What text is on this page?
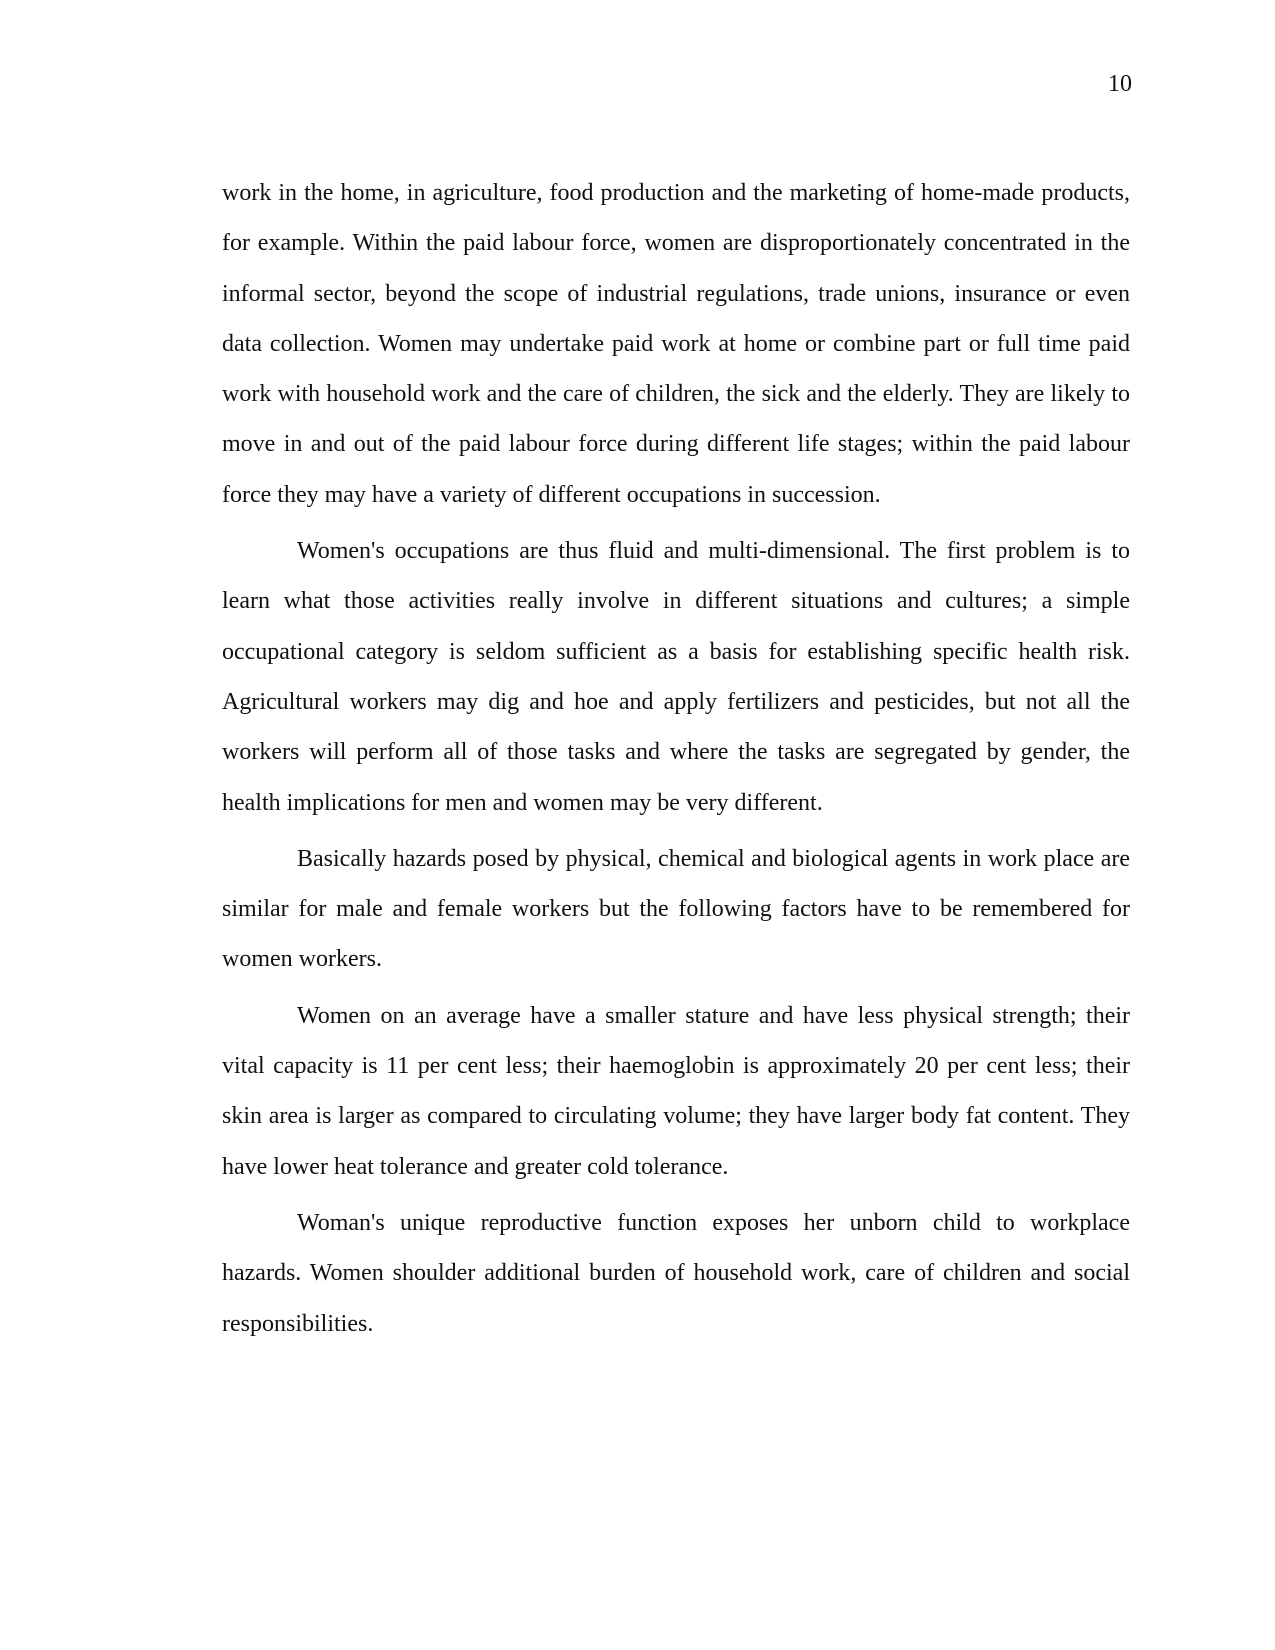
10

work in the home, in agriculture, food production and the marketing of home-made products, for example. Within the paid labour force, women are disproportionately concentrated in the informal sector, beyond the scope of industrial regulations, trade unions, insurance or even data collection. Women may undertake paid work at home or combine part or full time paid work with household work and the care of children, the sick and the elderly. They are likely to move in and out of the paid labour force during different life stages; within the paid labour force they may have a variety of different occupations in succession.

Women's occupations are thus fluid and multi-dimensional. The first problem is to learn what those activities really involve in different situations and cultures; a simple occupational category is seldom sufficient as a basis for establishing specific health risk. Agricultural workers may dig and hoe and apply fertilizers and pesticides, but not all the workers will perform all of those tasks and where the tasks are segregated by gender, the health implications for men and women may be very different.

Basically hazards posed by physical, chemical and biological agents in work place are similar for male and female workers but the following factors have to be remembered for women workers.

Women on an average have a smaller stature and have less physical strength; their vital capacity is 11 per cent less; their haemoglobin is approximately 20 per cent less; their skin area is larger as compared to circulating volume; they have larger body fat content. They have lower heat tolerance and greater cold tolerance.

Woman's unique reproductive function exposes her unborn child to workplace hazards. Women shoulder additional burden of household work, care of children and social responsibilities.
